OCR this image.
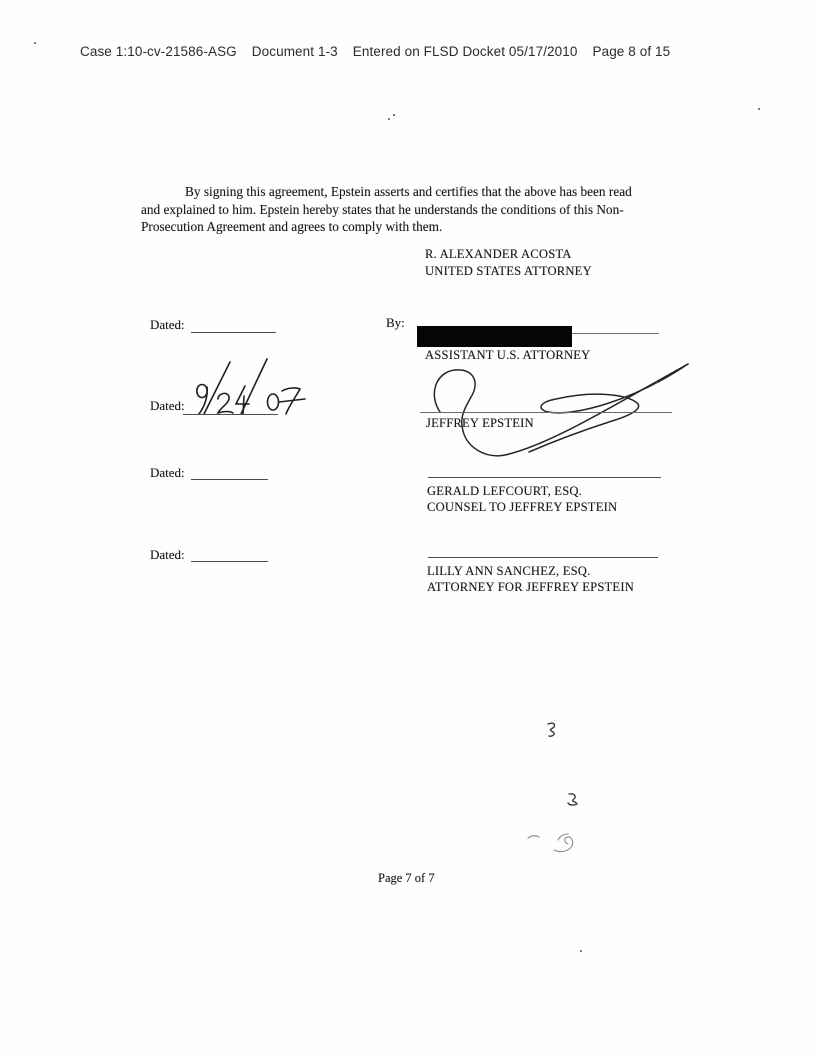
Case 1:10-cv-21586-ASG Document 1-3 Entered on FLSD Docket 05/17/2010 Page 8 of 15
By signing this agreement, Epstein asserts and certifies that the above has been read
and explained to him. Epstein hereby states that he understands the conditions of this Non-
Prosecution Agreement and agrees to comply with them.
R. ALEXANDER ACOSTA
UNITED STATES ATTORNEY
Dated:	By:
ASSISTANT U.S. ATTORNEY
Dated:
JEFFREY EPSTEIN
Dated:
GERALD LEFCOURT, ESQ.
COUNSEL TO JEFFREY EPSTEIN
Dated:
LILLY ANN SANCHEZ, ESQ.
ATTORNEY FOR JEFFREY EPSTEIN
Page 7 of 7
